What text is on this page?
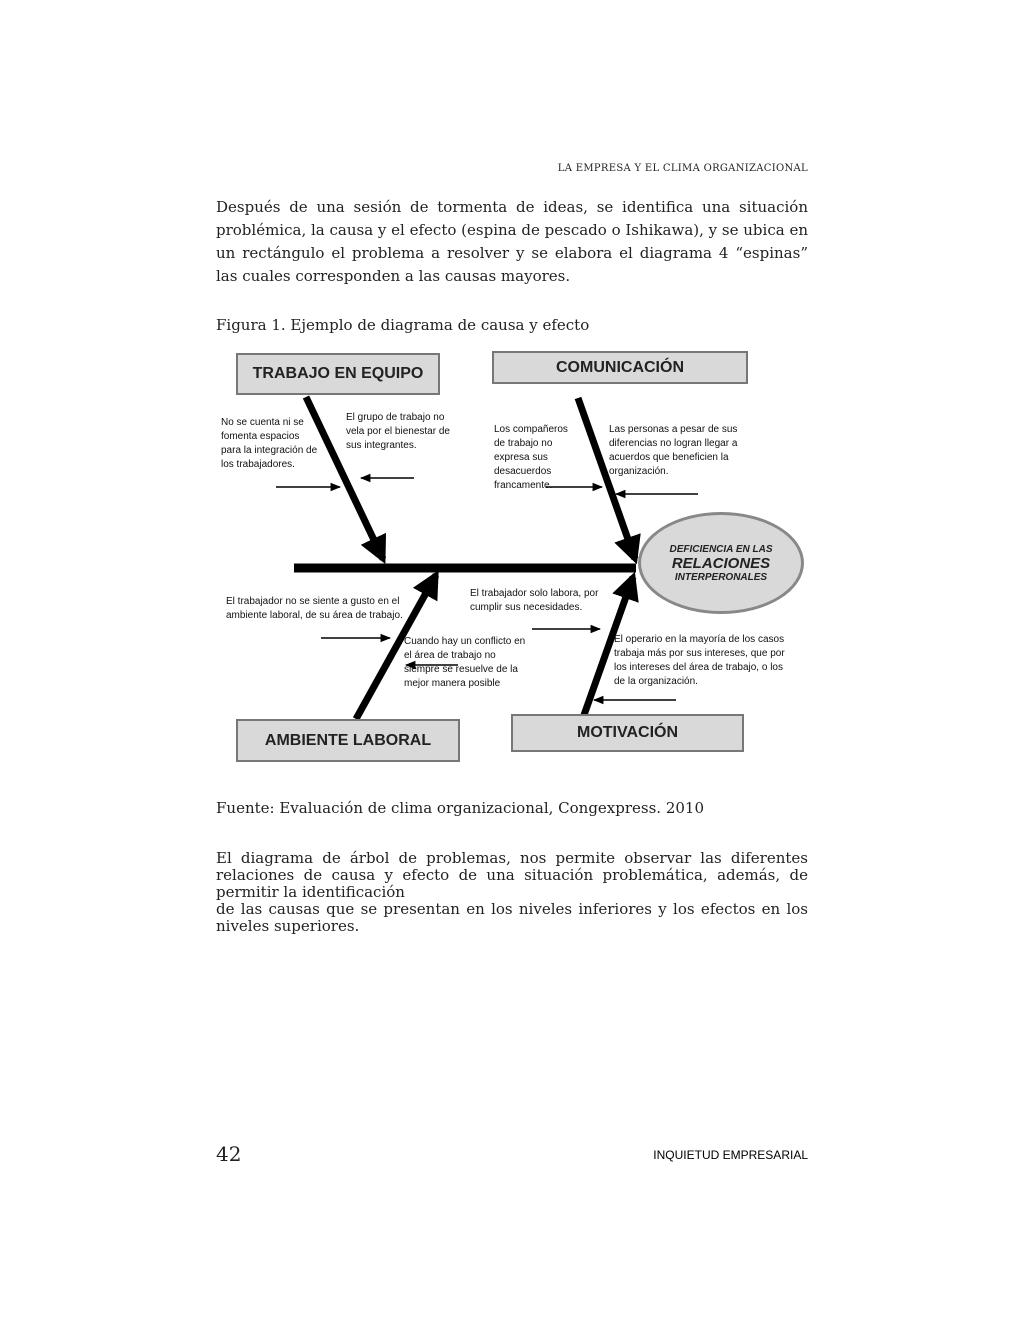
LA EMPRESA Y EL CLIMA ORGANIZACIONAL

Después de una sesión de tormenta de ideas, se identifica una situación problémica, la causa y el efecto (espina de pescado o Ishikawa), y se ubica en un rectángulo el problema a resolver y se elabora el diagrama 4 “espinas” las cuales corresponden a las causas mayores.

Figura 1. Ejemplo de diagrama de causa y efecto
TRABAJO EN EQUIPO	COMUNICACIÓN
AMBIENTE LABORAL	MOTIVACIÓN
No se cuenta ni se fomenta espacios para la integración de los trabajadores.
El grupo de trabajo no vela por el bienestar de sus integrantes.
Los compañeros de trabajo no expresa sus desacuerdos francamente.
Las personas a pesar de sus diferencias no logran llegar a acuerdos que beneficien la organización.
El trabajador no se siente a gusto en el ambiente laboral, de su área de trabajo.
Cuando hay un conflicto en el área de trabajo no siempre se resuelve de la mejor manera posible
El trabajador solo labora, por cumplir sus necesidades.
El operario en la mayoría de los casos trabaja más por sus intereses, que por los intereses del área de trabajo, o los de la organización.
DEFICIENCIA EN LAS
RELACIONES
INTERPERONALES
Fuente: Evaluación de clima organizacional, Congexpress. 2010

El diagrama de árbol de problemas, nos permite observar las diferentes relaciones de causa y efecto de una situación problemática, además, de permitir la identificación

de las causas que se presentan en los niveles inferiores y los efectos en los niveles superiores.

42	INQUIETUD EMPRESARIAL
